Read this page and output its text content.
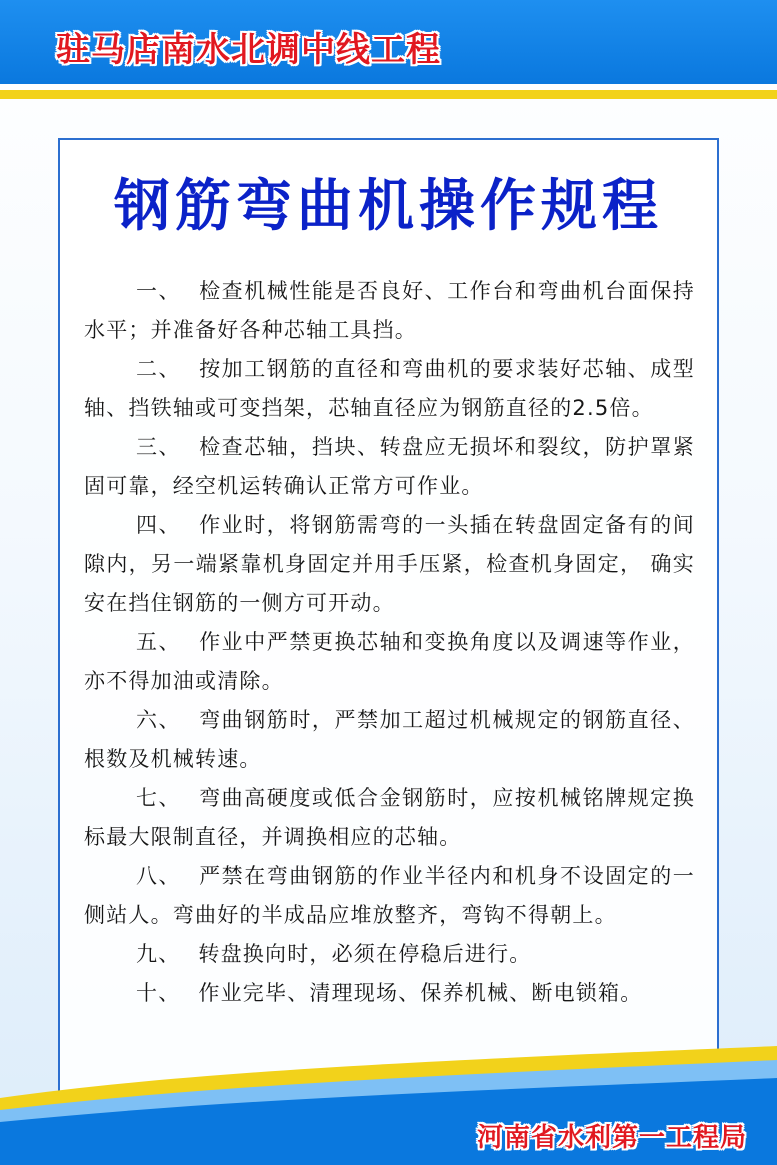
驻马店南水北调中线工程
钢筋弯曲机操作规程

一、 检查机械性能是否良好、工作台和弯曲机台面保持水平；并准备好各种芯轴工具挡。

二、 按加工钢筋的直径和弯曲机的要求装好芯轴、成型轴、挡铁轴或可变挡架，芯轴直径应为钢筋直径的2.5倍。

三、 检查芯轴，挡块、转盘应无损坏和裂纹，防护罩紧固可靠，经空机运转确认正常方可作业。

四、 作业时，将钢筋需弯的一头插在转盘固定备有的间隙内，另一端紧靠机身固定并用手压紧，检查机身固定， 确实安在挡住钢筋的一侧方可开动。

五、 作业中严禁更换芯轴和变换角度以及调速等作业，亦不得加油或清除。

六、 弯曲钢筋时，严禁加工超过机械规定的钢筋直径、根数及机械转速。

七、 弯曲高硬度或低合金钢筋时，应按机械铭牌规定换标最大限制直径，并调换相应的芯轴。

八、 严禁在弯曲钢筋的作业半径内和机身不设固定的一侧站人。弯曲好的半成品应堆放整齐，弯钩不得朝上。

九、 转盘换向时，必须在停稳后进行。

十、 作业完毕、清理现场、保养机械、断电锁箱。

河南省水利第一工程局
